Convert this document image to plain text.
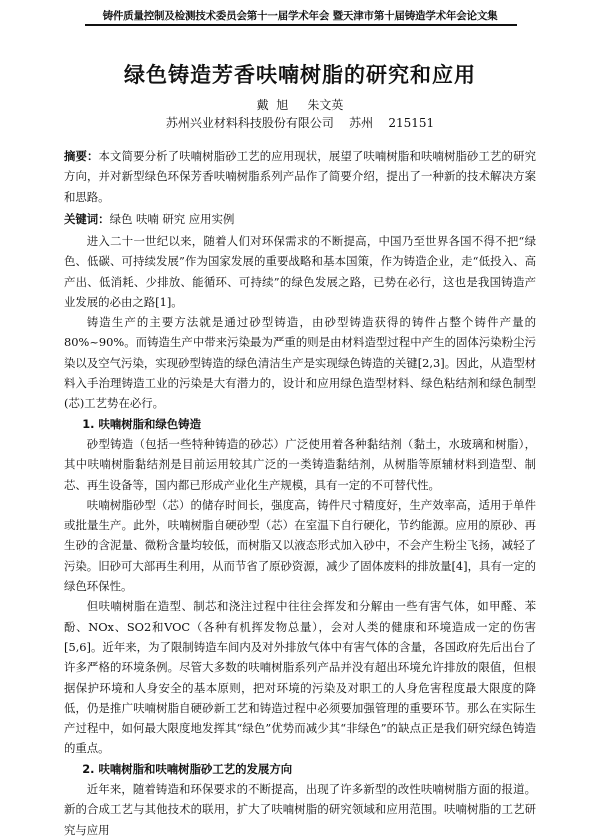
铸件质量控制及检测技术委员会第十一届学术年会 暨天津市第十届铸造学术年会论文集
绿色铸造芳香呋喃树脂的研究和应用
戴  旭     朱文英
苏州兴业材料科技股份有限公司    苏州    215151
摘要：本文简要分析了呋喃树脂砂工艺的应用现状，展望了呋喃树脂和呋喃树脂砂工艺的研究方向，并对新型绿色环保芳香呋喃树脂系列产品作了简要介绍，提出了一种新的技术解决方案和思路。
关键词：绿色 呋喃 研究 应用实例
进入二十一世纪以来，随着人们对环保需求的不断提高，中国乃至世界各国不得不把“绿色、低碳、可持续发展”作为国家发展的重要战略和基本国策，作为铸造企业，走“低投入、高产出、低消耗、少排放、能循环、可持续”的绿色发展之路，已势在必行，这也是我国铸造产业发展的必由之路[1]。
铸造生产的主要方法就是通过砂型铸造，由砂型铸造获得的铸件占整个铸件产量的80%~90%。而铸造生产中带来污染最为严重的则是由材料造型过程中产生的固体污染粉尘污染以及空气污染，实现砂型铸造的绿色清洁生产是实现绿色铸造的关键[2,3]。因此，从造型材料入手治理铸造工业的污染是大有潜力的，设计和应用绿色造型材料、绿色粘结剂和绿色制型(芯)工艺势在必行。
1. 呋喃树脂和绿色铸造
砂型铸造（包括一些特种铸造的砂芯）广泛使用着各种黏结剂（黏土，水玻璃和树脂），其中呋喃树脂黏结剂是目前运用较其广泛的一类铸造黏结剂，从树脂等原辅材料到造型、制芯、再生设备等，国内都已形成产业化生产规模，具有一定的不可替代性。
呋喃树脂砂型（芯）的储存时间长，强度高，铸件尺寸精度好，生产效率高，适用于单件或批量生产。此外，呋喃树脂自硬砂型（芯）在室温下自行硬化，节约能源。应用的原砂、再生砂的含泥量、微粉含量均较低，而树脂又以液态形式加入砂中，不会产生粉尘飞扬，减轻了污染。旧砂可大部再生利用，从而节省了原砂资源，减少了固体废料的排放量[4]，具有一定的绿色环保性。
但呋喃树脂在造型、制芯和浇注过程中往往会挥发和分解由一些有害气体，如甲醛、苯酚、NOx、SO2和VOC（各种有机挥发物总量），会对人类的健康和环境造成一定的伤害[5,6]。近年来，为了限制铸造车间内及对外排放气体中有害气体的含量，各国政府先后出台了许多严格的环境条例。尽管大多数的呋喃树脂系列产品并没有超出环境允许排放的限值，但根据保护环境和人身安全的基本原则，把对环境的污染及对职工的人身危害程度最大限度的降低，仍是推广呋喃树脂自硬砂新工艺和铸造过程中必须要加强管理的重要环节。那么在实际生产过程中，如何最大限度地发挥其“绿色”优势而减少其“非绿色”的缺点正是我们研究绿色铸造的重点。
2. 呋喃树脂和呋喃树脂砂工艺的发展方向
近年来，随着铸造和环保要求的不断提高，出现了许多新型的改性呋喃树脂方面的报道。新的合成工艺与其他技术的联用，扩大了呋喃树脂的研究领域和应用范围。呋喃树脂的工艺研究与应用
